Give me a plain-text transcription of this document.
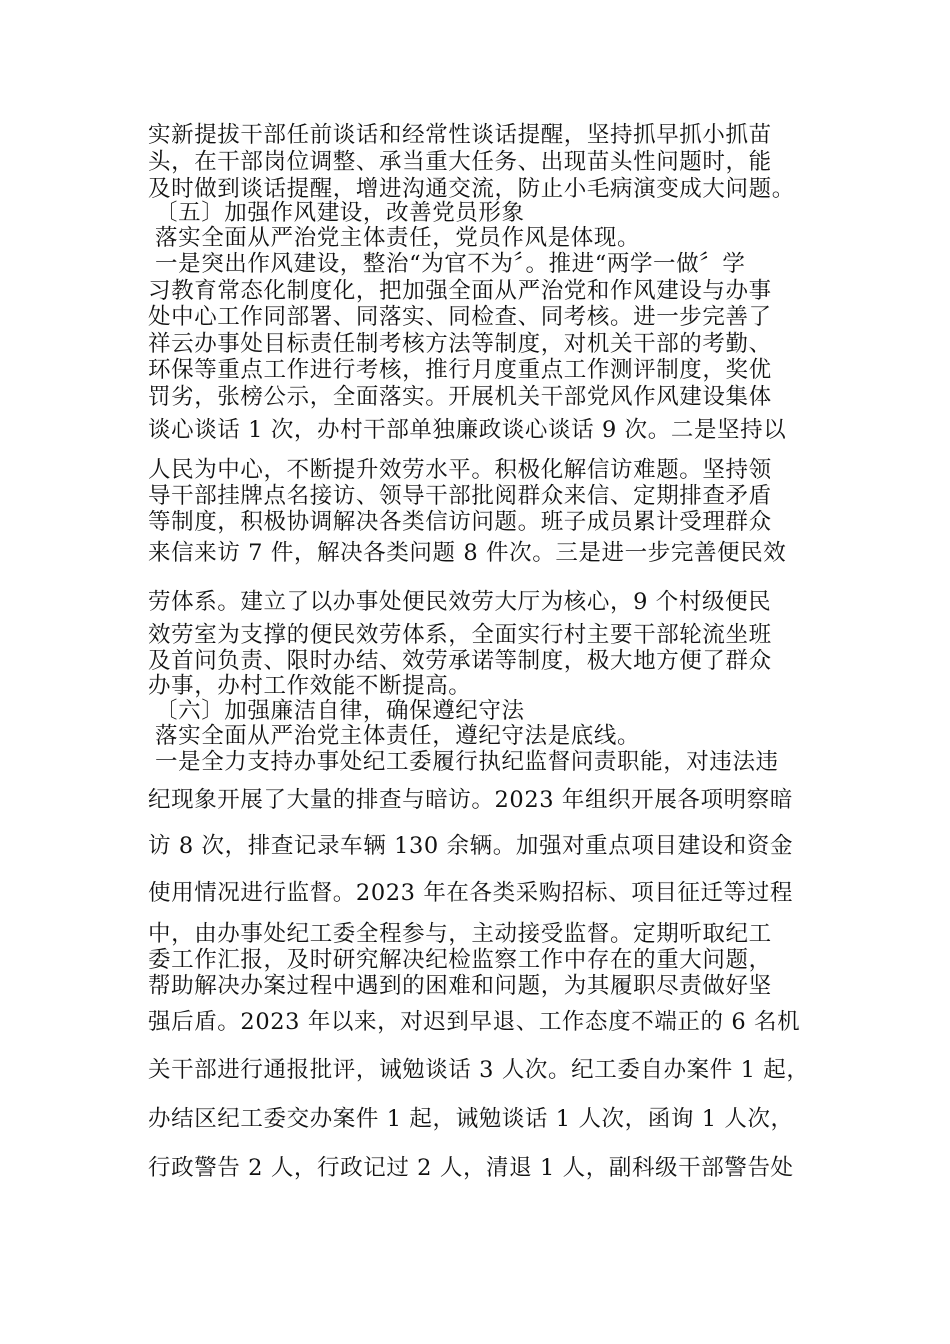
实新提拔干部任前谈话和经常性谈话提醒，坚持抓早抓小抓苗
头，在干部岗位调整、承当重大任务、出现苗头性问题时，能
及时做到谈话提醒，增进沟通交流，防止小毛病演变成大问题。
〔五〕加强作风建设，改善党员形象
落实全面从严治党主体责任，党员作风是体现。
一是突出作风建设，整治“为官不为〞。推进“两学一做〞学
习教育常态化制度化，把加强全面从严治党和作风建设与办事
处中心工作同部署、同落实、同检查、同考核。进一步完善了
祥云办事处目标责任制考核方法等制度，对机关干部的考勤、
环保等重点工作进行考核，推行月度重点工作测评制度，奖优
罚劣，张榜公示，全面落实。开展机关干部党风作风建设集体
谈心谈话 1 次，办村干部单独廉政谈心谈话 9 次。二是坚持以
人民为中心，不断提升效劳水平。积极化解信访难题。坚持领
导干部挂牌点名接访、领导干部批阅群众来信、定期排查矛盾
等制度，积极协调解决各类信访问题。班子成员累计受理群众
来信来访 7 件，解决各类问题 8 件次。三是进一步完善便民效
劳体系。建立了以办事处便民效劳大厅为核心，9 个村级便民
效劳室为支撑的便民效劳体系，全面实行村主要干部轮流坐班
及首问负责、限时办结、效劳承诺等制度，极大地方便了群众
办事，办村工作效能不断提高。
〔六〕加强廉洁自律，确保遵纪守法
落实全面从严治党主体责任，遵纪守法是底线。
一是全力支持办事处纪工委履行执纪监督问责职能，对违法违
纪现象开展了大量的排查与暗访。2023 年组织开展各项明察暗
访 8 次，排查记录车辆 130 余辆。加强对重点项目建设和资金
使用情况进行监督。2023 年在各类采购招标、项目征迁等过程
中，由办事处纪工委全程参与，主动接受监督。定期听取纪工
委工作汇报，及时研究解决纪检监察工作中存在的重大问题，
帮助解决办案过程中遇到的困难和问题，为其履职尽责做好坚
强后盾。2023 年以来，对迟到早退、工作态度不端正的 6 名机
关干部进行通报批评，诫勉谈话 3 人次。纪工委自办案件 1 起，
办结区纪工委交办案件 1 起，诫勉谈话 1 人次，函询 1 人次，
行政警告 2 人，行政记过 2 人，清退 1 人，副科级干部警告处
